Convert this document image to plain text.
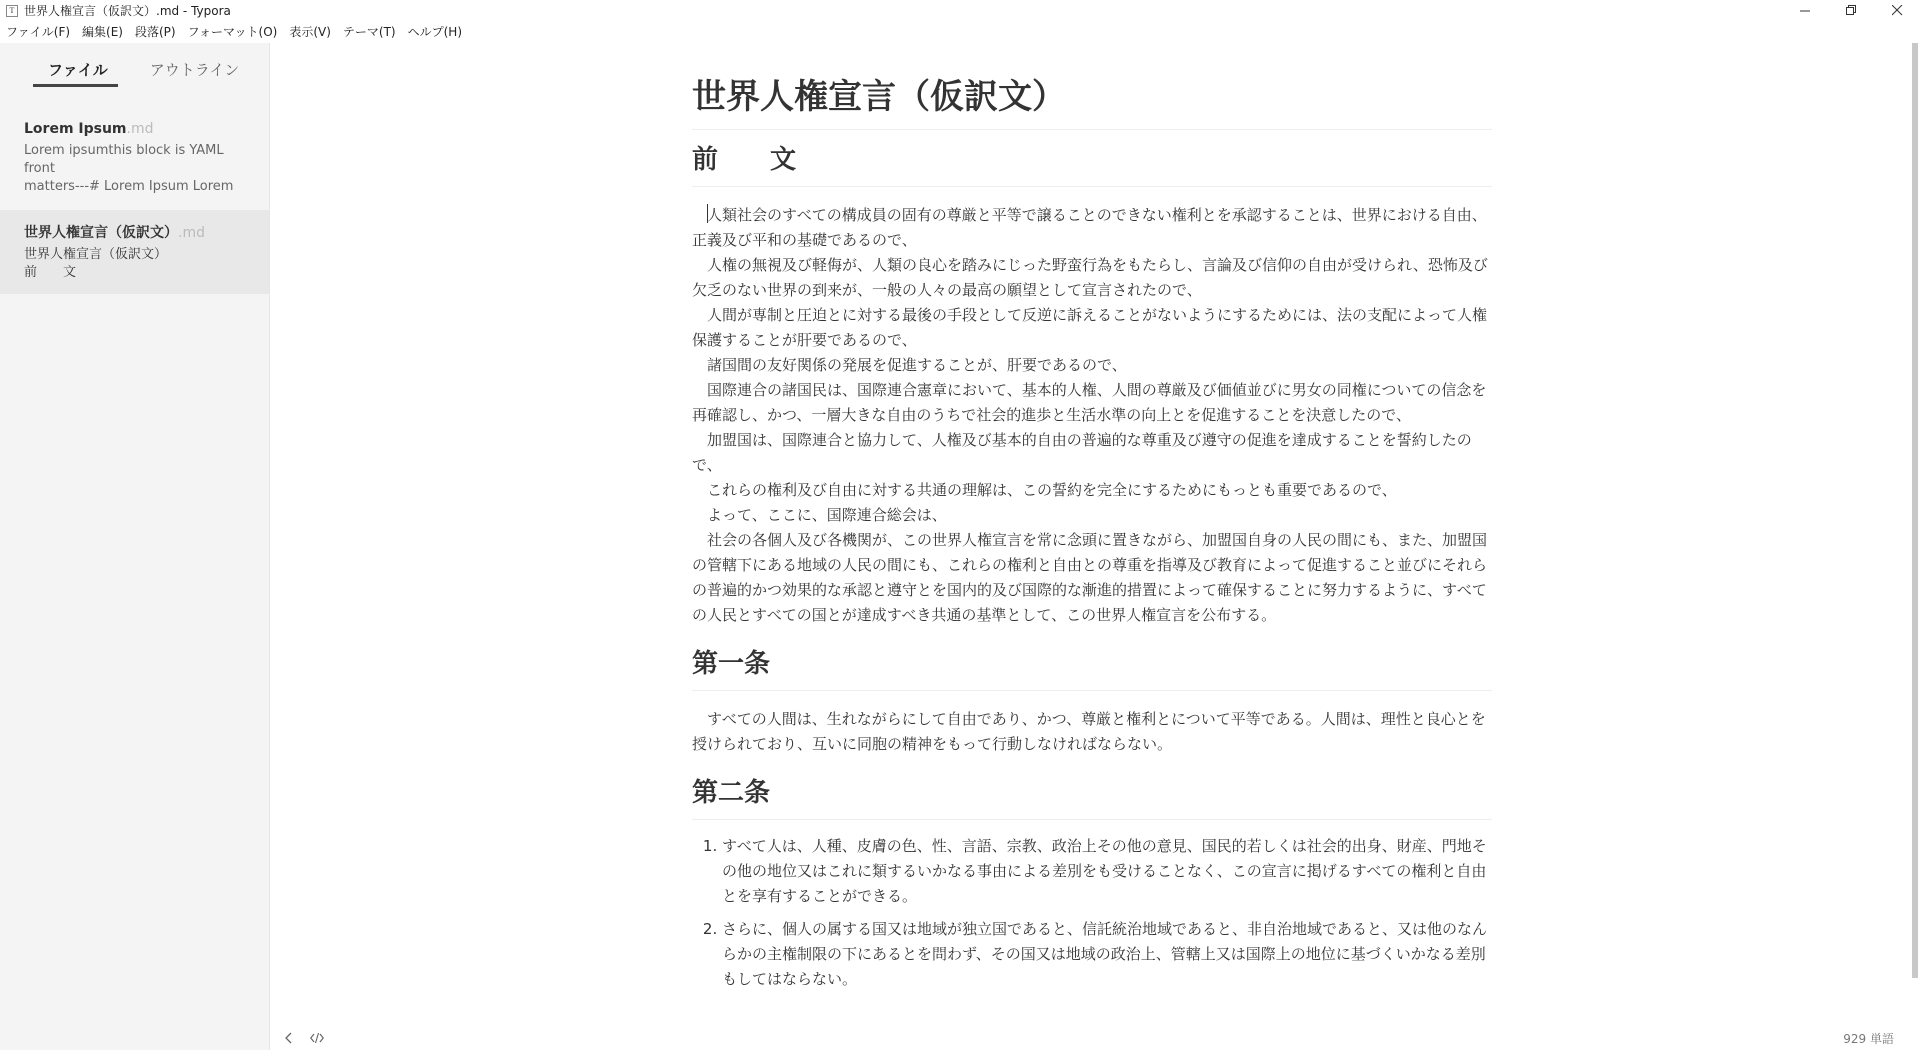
T 世界人権宣言（仮訳文）.md - Typora
ファイル(F)	編集(E)	段落(P)	フォーマット(O)	表示(V)	テーマ(T)	ヘルプ(H)
ファイル	アウトライン
Lorem Ipsum.md
Lorem ipsumthis block is YAML front
matters---# Lorem Ipsum Lorem
世界人権宣言（仮訳文）.md
世界人権宣言（仮訳文）
前　　文
世界人権宣言（仮訳文）
前　　文
人類社会のすべての構成員の固有の尊厳と平等で譲ることのできない権利とを承認することは、世界における自由、正義及び平和の基礎であるので、
人権の無視及び軽侮が、人類の良心を踏みにじった野蛮行為をもたらし、言論及び信仰の自由が受けられ、恐怖及び欠乏のない世界の到来が、一般の人々の最高の願望として宣言されたので、
人間が専制と圧迫とに対する最後の手段として反逆に訴えることがないようにするためには、法の支配によって人権保護することが肝要であるので、
諸国間の友好関係の発展を促進することが、肝要であるので、
国際連合の諸国民は、国際連合憲章において、基本的人権、人間の尊厳及び価値並びに男女の同権についての信念を再確認し、かつ、一層大きな自由のうちで社会的進歩と生活水準の向上とを促進することを決意したので、
加盟国は、国際連合と協力して、人権及び基本的自由の普遍的な尊重及び遵守の促進を達成することを誓約したので、
これらの権利及び自由に対する共通の理解は、この誓約を完全にするためにもっとも重要であるので、
よって、ここに、国際連合総会は、
社会の各個人及び各機関が、この世界人権宣言を常に念頭に置きながら、加盟国自身の人民の間にも、また、加盟国の管轄下にある地域の人民の間にも、これらの権利と自由との尊重を指導及び教育によって促進すること並びにそれらの普遍的かつ効果的な承認と遵守とを国内的及び国際的な漸進的措置によって確保することに努力するように、すべての人民とすべての国とが達成すべき共通の基準として、この世界人権宣言を公布する。
第一条
すべての人間は、生れながらにして自由であり、かつ、尊厳と権利とについて平等である。人間は、理性と良心とを授けられており、互いに同胞の精神をもって行動しなければならない。
第二条
1. すべて人は、人種、皮膚の色、性、言語、宗教、政治上その他の意見、国民的若しくは社会的出身、財産、門地その他の地位又はこれに類するいかなる事由による差別をも受けることなく、この宣言に掲げるすべての権利と自由とを享有することができる。
2. さらに、個人の属する国又は地域が独立国であると、信託統治地域であると、非自治地域であると、又は他のなんらかの主権制限の下にあるとを問わず、その国又は地域の政治上、管轄上又は国際上の地位に基づくいかなる差別もしてはならない。
929 単語
